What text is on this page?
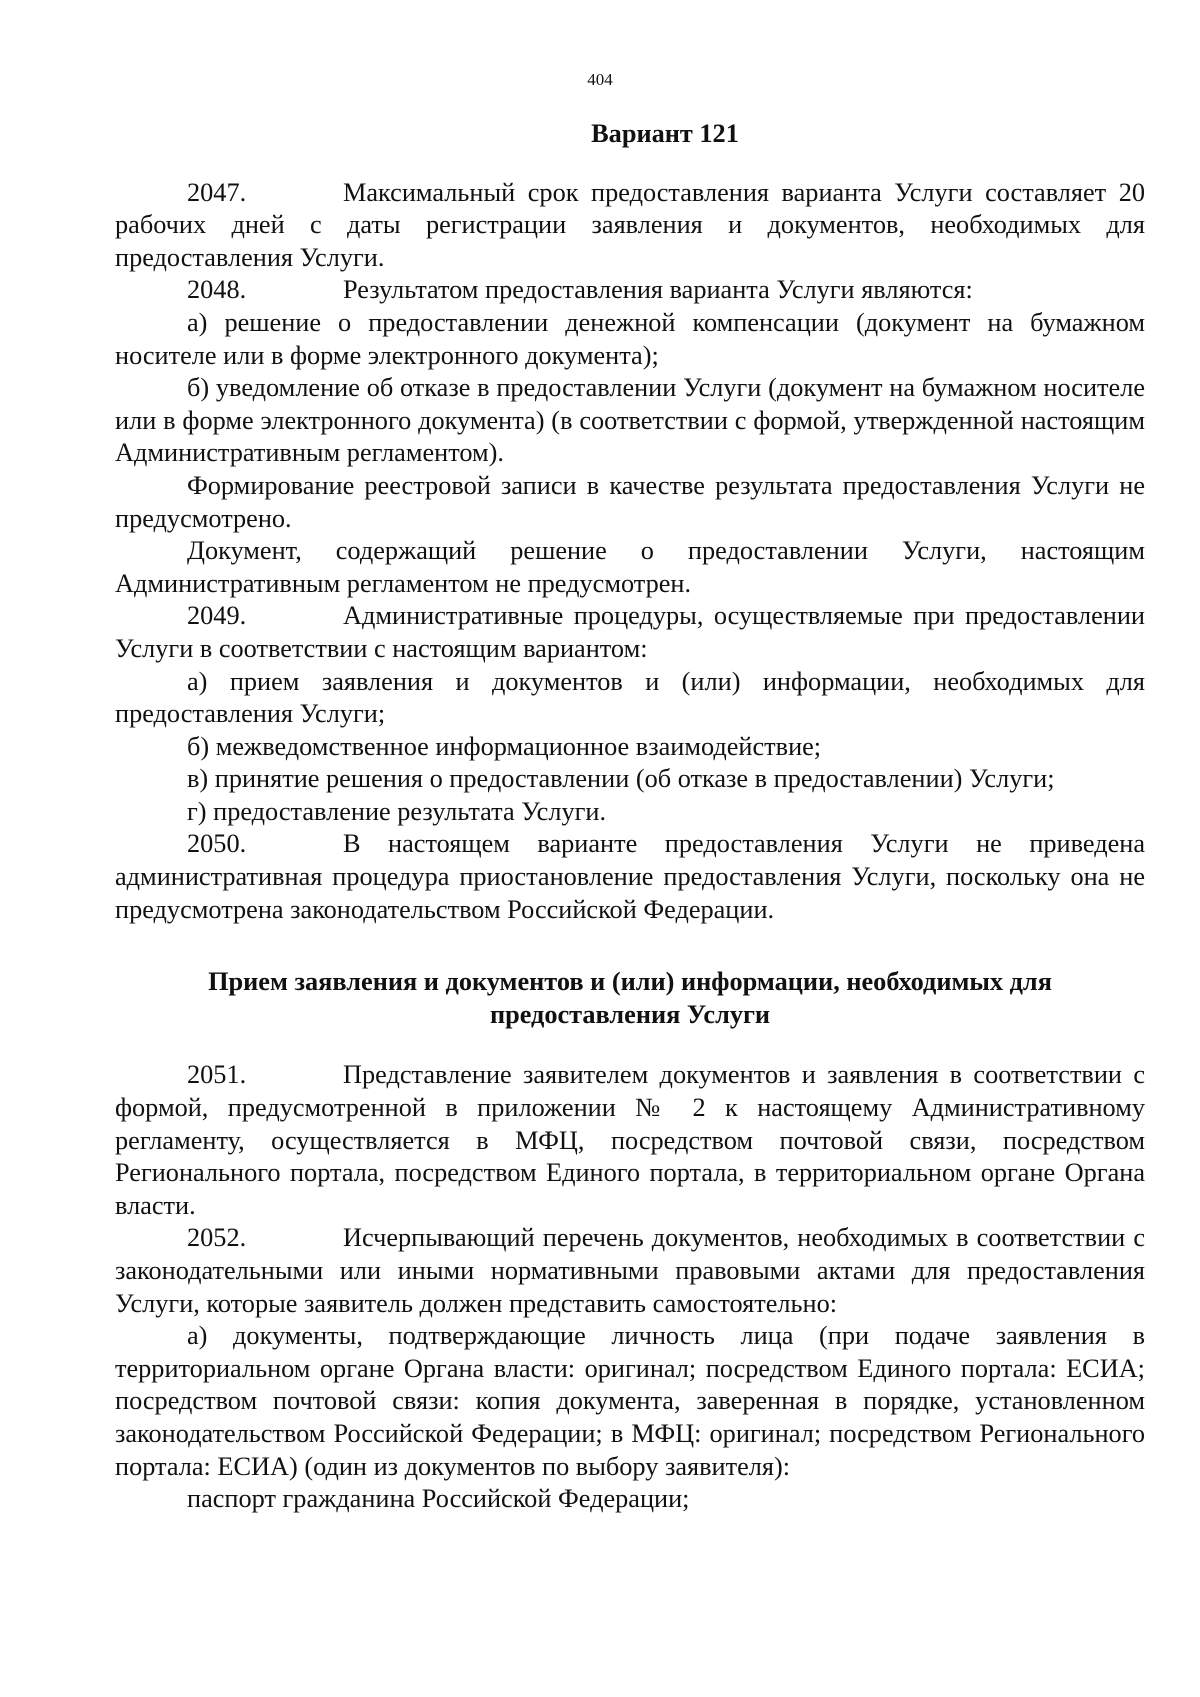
404
Вариант 121

2047.	Максимальный срок предоставления варианта Услуги составляет 20 рабочих дней с даты регистрации заявления и документов, необходимых для предоставления Услуги.

2048.	Результатом предоставления варианта Услуги являются:

а) решение о предоставлении денежной компенсации (документ на бумажном носителе или в форме электронного документа);

б) уведомление об отказе в предоставлении Услуги (документ на бумажном носителе или в форме электронного документа) (в соответствии с формой, утвержденной настоящим Административным регламентом).

Формирование реестровой записи в качестве результата предоставления Услуги не предусмотрено.

Документ, содержащий решение о предоставлении Услуги, настоящим Административным регламентом не предусмотрен.

2049.	Административные процедуры, осуществляемые при предоставлении Услуги в соответствии с настоящим вариантом:

а) прием заявления и документов и (или) информации, необходимых для предоставления Услуги;

б) межведомственное информационное взаимодействие;

в) принятие решения о предоставлении (об отказе в предоставлении) Услуги;

г) предоставление результата Услуги.

2050.	В настоящем варианте предоставления Услуги не приведена административная процедура приостановление предоставления Услуги, поскольку она не предусмотрена законодательством Российской Федерации.

Прием заявления и документов и (или) информации, необходимых для предоставления Услуги

2051.	Представление заявителем документов и заявления в соответствии с формой, предусмотренной в приложении № 2 к настоящему Административному регламенту, осуществляется в МФЦ, посредством почтовой связи, посредством Регионального портала, посредством Единого портала, в территориальном органе Органа власти.

2052.	Исчерпывающий перечень документов, необходимых в соответствии с законодательными или иными нормативными правовыми актами для предоставления Услуги, которые заявитель должен представить самостоятельно:

а) документы, подтверждающие личность лица (при подаче заявления в территориальном органе Органа власти: оригинал; посредством Единого портала: ЕСИА; посредством почтовой связи: копия документа, заверенная в порядке, установленном законодательством Российской Федерации; в МФЦ: оригинал; посредством Регионального портала: ЕСИА) (один из документов по выбору заявителя):

паспорт гражданина Российской Федерации;
